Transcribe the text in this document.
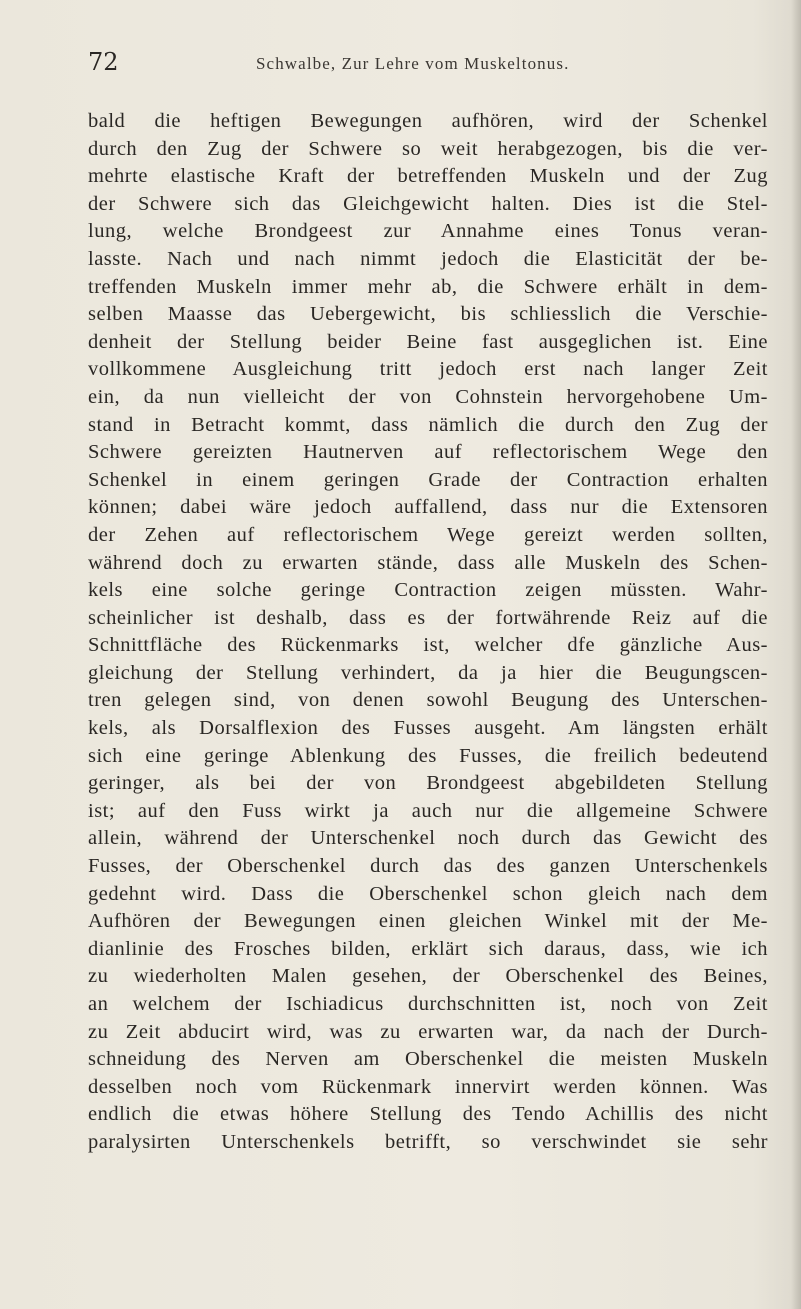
72	Schwalbe, Zur Lehre vom Muskeltonus.
bald die heftigen Bewegungen aufhören, wird der Schenkel
durch den Zug der Schwere so weit herabgezogen, bis die ver-
mehrte elastische Kraft der betreffenden Muskeln und der Zug
der Schwere sich das Gleichgewicht halten. Dies ist die Stel-
lung, welche Brondgeest zur Annahme eines Tonus veran-
lasste. Nach und nach nimmt jedoch die Elasticität der be-
treffenden Muskeln immer mehr ab, die Schwere erhält in dem-
selben Maasse das Uebergewicht, bis schliesslich die Verschie-
denheit der Stellung beider Beine fast ausgeglichen ist. Eine
vollkommene Ausgleichung tritt jedoch erst nach langer Zeit
ein, da nun vielleicht der von Cohnstein hervorgehobene Um-
stand in Betracht kommt, dass nämlich die durch den Zug der
Schwere gereizten Hautnerven auf reflectorischem Wege den
Schenkel in einem geringen Grade der Contraction erhalten
können; dabei wäre jedoch auffallend, dass nur die Extensoren
der Zehen auf reflectorischem Wege gereizt werden sollten,
während doch zu erwarten stände, dass alle Muskeln des Schen-
kels eine solche geringe Contraction zeigen müssten. Wahr-
scheinlicher ist deshalb, dass es der fortwährende Reiz auf die
Schnittfläche des Rückenmarks ist, welcher dfe gänzliche Aus-
gleichung der Stellung verhindert, da ja hier die Beugungscen-
tren gelegen sind, von denen sowohl Beugung des Unterschen-
kels, als Dorsalflexion des Fusses ausgeht. Am längsten erhält
sich eine geringe Ablenkung des Fusses, die freilich bedeutend
geringer, als bei der von Brondgeest abgebildeten Stellung
ist; auf den Fuss wirkt ja auch nur die allgemeine Schwere
allein, während der Unterschenkel noch durch das Gewicht des
Fusses, der Oberschenkel durch das des ganzen Unterschenkels
gedehnt wird. Dass die Oberschenkel schon gleich nach dem
Aufhören der Bewegungen einen gleichen Winkel mit der Me-
dianlinie des Frosches bilden, erklärt sich daraus, dass, wie ich
zu wiederholten Malen gesehen, der Oberschenkel des Beines,
an welchem der Ischiadicus durchschnitten ist, noch von Zeit
zu Zeit abducirt wird, was zu erwarten war, da nach der Durch-
schneidung des Nerven am Oberschenkel die meisten Muskeln
desselben noch vom Rückenmark innervirt werden können. Was
endlich die etwas höhere Stellung des Tendo Achillis des nicht
paralysirten Unterschenkels betrifft, so verschwindet sie sehr
